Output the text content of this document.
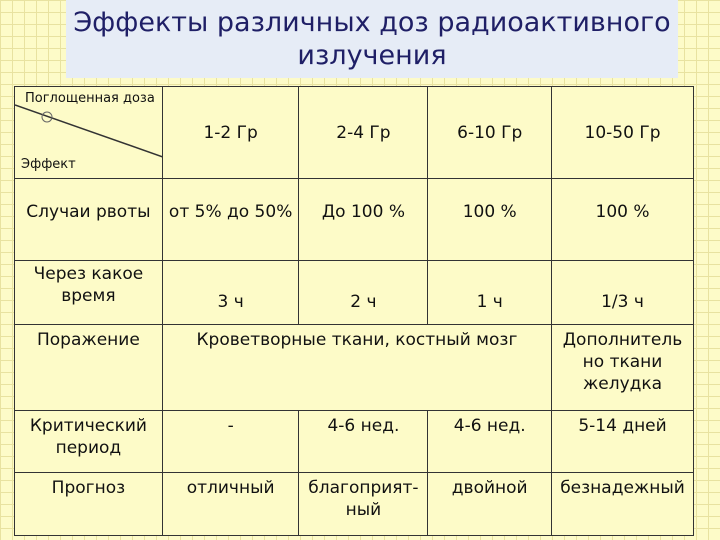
Эффекты различных доз радиоактивного излучения
Поглощенная доза
Эффект	1-2 Гр	2-4 Гр	6-10 Гр	10-50 Гр
Случаи рвоты	от 5% до 50%	До 100 %	100 %	100 %
Через какое время	3 ч	2 ч	1 ч	1/3 ч
Поражение	Кроветворные ткани, костный мозг			Дополнитель но ткани желудка
Критический период	-	4-6 нед.	4-6 нед.	5-14 дней
Прогноз	отличный	благоприят-ный	двойной	безнадежный
